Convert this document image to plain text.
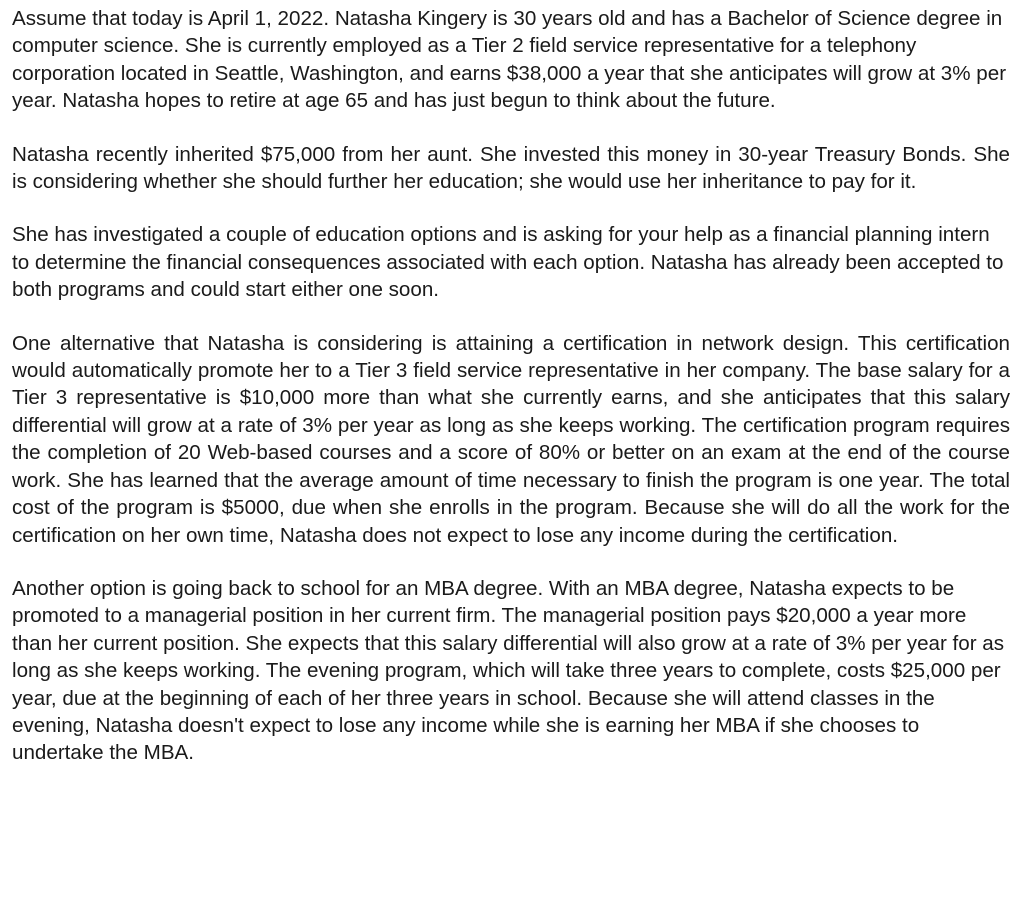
Assume that today is April 1, 2022. Natasha Kingery is 30 years old and has a Bachelor of Science degree in computer science. She is currently employed as a Tier 2 field service representative for a telephony corporation located in Seattle, Washington, and earns $38,000 a year that she anticipates will grow at 3% per year. Natasha hopes to retire at age 65 and has just begun to think about the future.

Natasha recently inherited $75,000 from her aunt. She invested this money in 30-year Treasury Bonds. She is considering whether she should further her education; she would use her inheritance to pay for it.

She has investigated a couple of education options and is asking for your help as a financial planning intern to determine the financial consequences associated with each option. Natasha has already been accepted to both programs and could start either one soon.

One alternative that Natasha is considering is attaining a certification in network design. This certification would automatically promote her to a Tier 3 field service representative in her company. The base salary for a Tier 3 representative is $10,000 more than what she currently earns, and she anticipates that this salary differential will grow at a rate of 3% per year as long as she keeps working. The certification program requires the completion of 20 Web-based courses and a score of 80% or better on an exam at the end of the course work. She has learned that the average amount of time necessary to finish the program is one year. The total cost of the program is $5000, due when she enrolls in the program. Because she will do all the work for the certification on her own time, Natasha does not expect to lose any income during the certification.

Another option is going back to school for an MBA degree. With an MBA degree, Natasha expects to be promoted to a managerial position in her current firm. The managerial position pays $20,000 a year more than her current position. She expects that this salary differential will also grow at a rate of 3% per year for as long as she keeps working. The evening program, which will take three years to complete, costs $25,000 per year, due at the beginning of each of her three years in school. Because she will attend classes in the evening, Natasha doesn't expect to lose any income while she is earning her MBA if she chooses to undertake the MBA.
